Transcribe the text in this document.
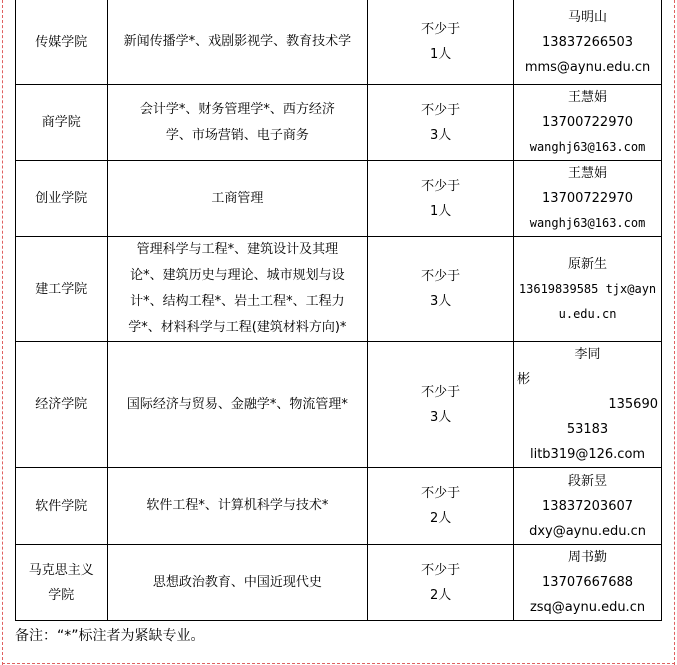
传媒学院	新闻传播学*、戏剧影视学、教育技术学	不少于
1人	马明山
13837266503
mms@aynu.edu.cn

商学院	会计学*、财务管理学*、西方经济
学、市场营销、电子商务	不少于
3人	王慧娟
13700722970
wanghj63@163.com

创业学院	工商管理	不少于
1人	王慧娟
13700722970
wanghj63@163.com

建工学院	管理科学与工程*、建筑设计及其理
论*、建筑历史与理论、城市规划与设
计*、结构工程*、岩土工程*、工程力
学*、材料科学与工程(建筑材料方向)*	不少于
3人	原新生
13619839585 tjx@ayn
u.edu.cn

经济学院	国际经济与贸易、金融学*、物流管理*	不少于
3人	李同
彬
135690
53183
litb319@126.com

软件学院	软件工程*、计算机科学与技术*	不少于
2人	段新昱
13837203607
dxy@aynu.edu.cn

马克思主义
学院	思想政治教育、中国近现代史	不少于
2人	周书勤
13707667688
zsq@aynu.edu.cn
备注：“*”标注者为紧缺专业。
